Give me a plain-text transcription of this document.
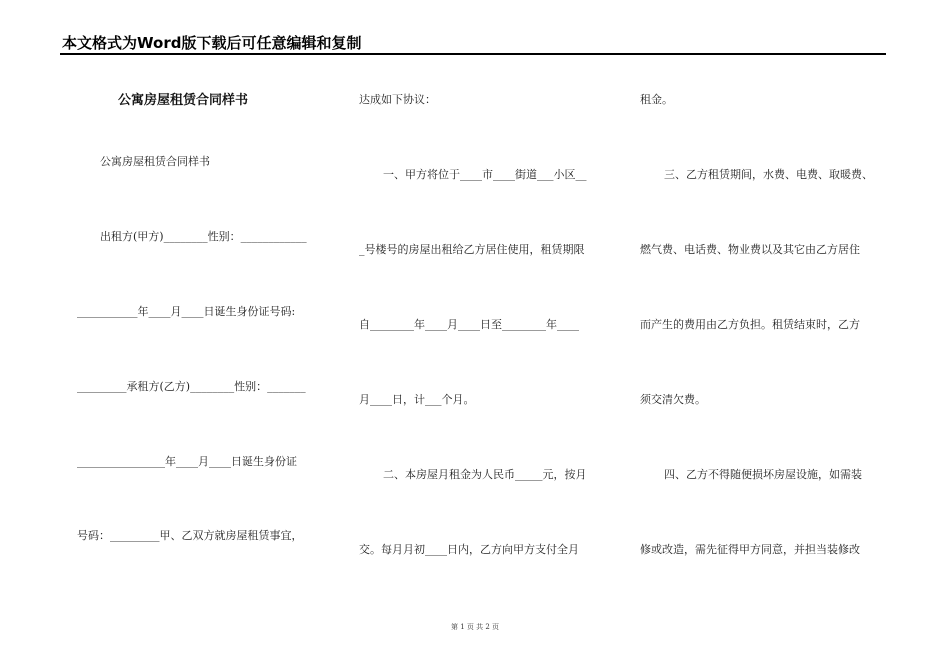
本文格式为Word版下载后可任意编辑和复制
公寓房屋租赁合同样书
公寓房屋租赁合同样书
出租方(甲方)________性别：____________
___________年____月____日诞生身份证号码:
_________承租方(乙方)________性别：_______
________________年____月____日诞生身份证
号码：_________甲、乙双方就房屋租赁事宜，
达成如下协议：
一、甲方将位于____市____街道___小区__
_号楼号的房屋出租给乙方居住使用，租赁期限
自________年____月____日至________年____
月____日，计___个月。
二、本房屋月租金为人民币_____元，按月
交。每月月初____日内，乙方向甲方支付全月
租金。
三、乙方租赁期间，水费、电费、取暖费、
燃气费、电话费、物业费以及其它由乙方居住
而产生的费用由乙方负担。租赁结束时，乙方
须交清欠费。
四、乙方不得随便损坏房屋设施，如需装
修或改造，需先征得甲方同意，并担当装修改
第 1 页 共 2 页
